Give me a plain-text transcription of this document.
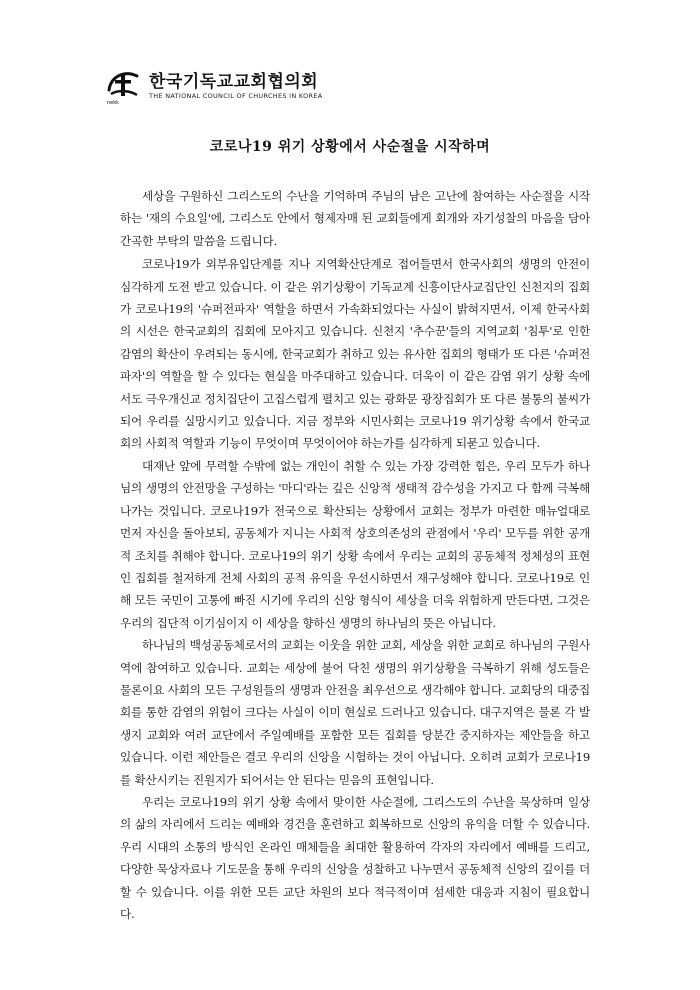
nekk
한국기독교교회협의회
THE NATIONAL COUNCIL OF CHURCHES IN KOREA
코로나19 위기 상황에서 사순절을 시작하며

세상을 구원하신 그리스도의 수난을 기억하며 주님의 남은 고난에 참여하는 사순절을 시작하는 '재의 수요일'에, 그리스도 안에서 형제자매 된 교회들에게 회개와 자기성찰의 마음을 담아 간곡한 부탁의 말씀을 드립니다.

코로나19가 외부유입단계를 지나 지역확산단계로 접어들면서 한국사회의 생명의 안전이 심각하게 도전 받고 있습니다. 이 같은 위기상황이 기독교계 신흥이단사교집단인 신천지의 집회가 코로나19의 '슈퍼전파자' 역할을 하면서 가속화되었다는 사실이 밝혀지면서, 이제 한국사회의 시선은 한국교회의 집회에 모아지고 있습니다. 신천지 '추수꾼'들의 지역교회 '침투'로 인한 감염의 확산이 우려되는 동시에, 한국교회가 취하고 있는 유사한 집회의 형태가 또 다른 '슈퍼전파자'의 역할을 할 수 있다는 현실을 마주대하고 있습니다. 더욱이 이 같은 감염 위기 상황 속에서도 극우개신교 정치집단이 고집스럽게 펼치고 있는 광화문 광장집회가 또 다른 불통의 불씨가 되어 우리를 실망시키고 있습니다. 지금 정부와 시민사회는 코로나19 위기상황 속에서 한국교회의 사회적 역할과 기능이 무엇이며 무엇이어야 하는가를 심각하게 되묻고 있습니다.

대재난 앞에 무력할 수밖에 없는 개인이 취할 수 있는 가장 강력한 힘은, 우리 모두가 하나님의 생명의 안전망을 구성하는 '마디'라는 깊은 신앙적 생태적 감수성을 가지고 다 함께 극복해 나가는 것입니다. 코로나19가 전국으로 확산되는 상황에서 교회는 정부가 마련한 매뉴얼대로 먼저 자신을 돌아보되, 공동체가 지니는 사회적 상호의존성의 관점에서 '우리' 모두를 위한 공개적 조치를 취해야 합니다. 코로나19의 위기 상황 속에서 우리는 교회의 공동체적 정체성의 표현인 집회를 철저하게 전체 사회의 공적 유익을 우선시하면서 재구성해야 합니다. 코로나19로 인해 모든 국민이 고통에 빠진 시기에 우리의 신앙 형식이 세상을 더욱 위험하게 만든다면, 그것은 우리의 집단적 이기심이지 이 세상을 향하신 생명의 하나님의 뜻은 아닙니다.

하나님의 백성공동체로서의 교회는 이웃을 위한 교회, 세상을 위한 교회로 하나님의 구원사역에 참여하고 있습니다. 교회는 세상에 불어 닥친 생명의 위기상황을 극복하기 위해 성도들은 물론이요 사회의 모든 구성원들의 생명과 안전을 최우선으로 생각해야 합니다. 교회당의 대중집회를 통한 감염의 위험이 크다는 사실이 이미 현실로 드러나고 있습니다. 대구지역은 물론 각 발생지 교회와 여러 교단에서 주일예배를 포함한 모든 집회를 당분간 중지하자는 제안들을 하고 있습니다. 이런 제안들은 결코 우리의 신앙을 시험하는 것이 아닙니다. 오히려 교회가 코로나19를 확산시키는 진원지가 되어서는 안 된다는 믿음의 표현입니다.

우리는 코로나19의 위기 상황 속에서 맞이한 사순절에, 그리스도의 수난을 묵상하며 일상의 삶의 자리에서 드리는 예배와 경건을 훈련하고 회복하므로 신앙의 유익을 더할 수 있습니다. 우리 시대의 소통의 방식인 온라인 매체들을 최대한 활용하여 각자의 자리에서 예배를 드리고, 다양한 묵상자료나 기도문을 통해 우리의 신앙을 성찰하고 나누면서 공동체적 신앙의 깊이를 더 할 수 있습니다. 이를 위한 모든 교단 차원의 보다 적극적이며 섬세한 대응과 지침이 필요합니다.
